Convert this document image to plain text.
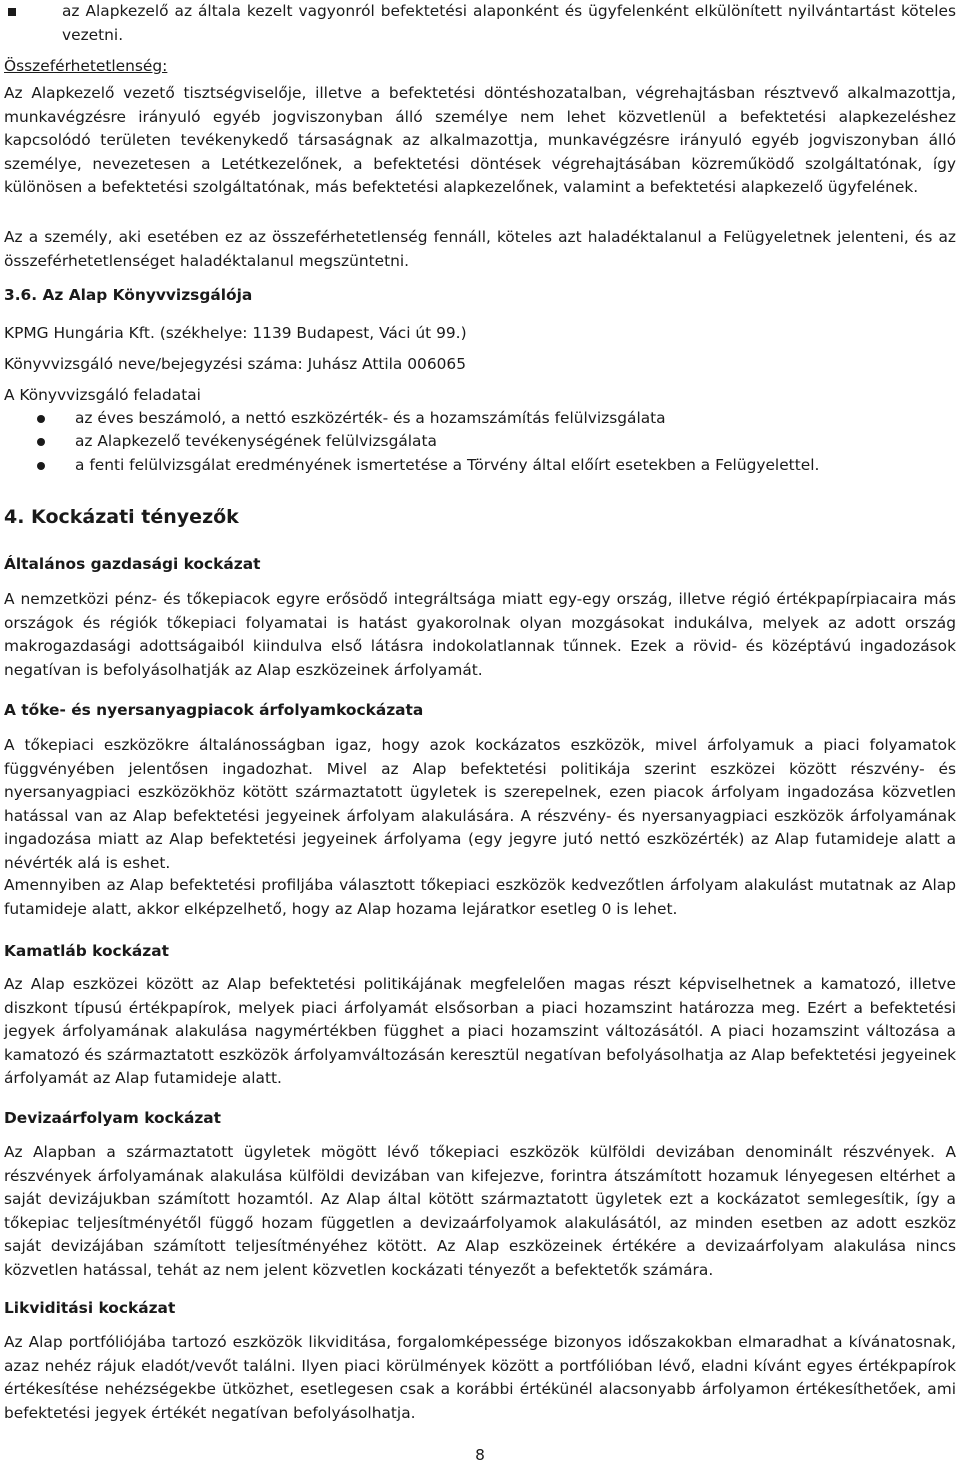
az Alapkezelő az általa kezelt vagyonról befektetési alaponként és ügyfelenként elkülönített nyilvántartást köteles vezetni.
Összeférhetetlenség:
Az Alapkezelő vezető tisztségviselője, illetve a befektetési döntéshozatalban, végrehajtásban résztvevő alkalmazottja, munkavégzésre irányuló egyéb jogviszonyban álló személye nem lehet közvetlenül a befektetési alapkezeléshez kapcsolódó területen tevékenykedő társaságnak az alkalmazottja, munkavégzésre irányuló egyéb jogviszonyban álló személye, nevezetesen a Letétkezelőnek, a befektetési döntések végrehajtásában közreműködő szolgáltatónak, így különösen a befektetési szolgáltatónak, más befektetési alapkezelőnek, valamint a befektetési alapkezelő ügyfelének.
Az a személy, aki esetében ez az összeférhetetlenség fennáll, köteles azt haladéktalanul a Felügyeletnek jelenteni, és az összeférhetetlenséget haladéktalanul megszüntetni.
3.6. Az Alap Könyvvizsgálója
KPMG Hungária Kft. (székhelye: 1139 Budapest, Váci út 99.)
Könyvvizsgáló neve/bejegyzési száma: Juhász Attila 006065
A Könyvvizsgáló feladatai
az éves beszámoló, a nettó eszközérték- és a hozamszámítás felülvizsgálata
az Alapkezelő tevékenységének felülvizsgálata
a fenti felülvizsgálat eredményének ismertetése a Törvény által előírt esetekben a Felügyelettel.
4. Kockázati tényezők
Általános gazdasági kockázat
A nemzetközi pénz- és tőkepiacok egyre erősödő integráltsága miatt egy-egy ország, illetve régió értékpapírpiacaira más országok és régiók tőkepiaci folyamatai is hatást gyakorolnak olyan mozgásokat indukálva, melyek az adott ország makrogazdasági adottságaiból kiindulva első látásra indokolatlannak tűnnek. Ezek a rövid- és középtávú ingadozások negatívan is befolyásolhatják az Alap eszközeinek árfolyamát.
A tőke- és nyersanyagpiacok árfolyamkockázata
A tőkepiaci eszközökre általánosságban igaz, hogy azok kockázatos eszközök, mivel árfolyamuk a piaci folyamatok függvényében jelentősen ingadozhat. Mivel az Alap befektetési politikája szerint eszközei között részvény- és nyersanyagpiaci eszközökhöz kötött származtatott ügyletek is szerepelnek, ezen piacok árfolyam ingadozása közvetlen hatással van az Alap befektetési jegyeinek árfolyam alakulására. A részvény- és nyersanyagpiaci eszközök árfolyamának ingadozása miatt az Alap befektetési jegyeinek árfolyama (egy jegyre jutó nettó eszközérték) az Alap futamideje alatt a névérték alá is eshet.
Amennyiben az Alap befektetési profiljába választott tőkepiaci eszközök kedvezőtlen árfolyam alakulást mutatnak az Alap futamideje alatt, akkor elképzelhető, hogy az Alap hozama lejáratkor esetleg 0 is lehet.
Kamatláb kockázat
Az Alap eszközei között az Alap befektetési politikájának megfelelően magas részt képviselhetnek a kamatozó, illetve diszkont típusú értékpapírok, melyek piaci árfolyamát elsősorban a piaci hozamszint határozza meg. Ezért a befektetési jegyek árfolyamának alakulása nagymértékben függhet a piaci hozamszint változásától. A piaci hozamszint változása a kamatozó és származtatott eszközök árfolyamváltozásán keresztül negatívan befolyásolhatja az Alap befektetési jegyeinek árfolyamát az Alap futamideje alatt.
Devizaárfolyam kockázat
Az Alapban a származtatott ügyletek mögött lévő tőkepiaci eszközök külföldi devizában denominált részvények. A részvények árfolyamának alakulása külföldi devizában van kifejezve, forintra átszámított hozamuk lényegesen eltérhet a saját devizájukban számított hozamtól. Az Alap által kötött származtatott ügyletek ezt a kockázatot semlegesítik, így a tőkepiac teljesítményétől függő hozam független a devizaárfolyamok alakulásától, az minden esetben az adott eszköz saját devizájában számított teljesítményéhez kötött. Az Alap eszközeinek értékére a devizaárfolyam alakulása nincs közvetlen hatással, tehát az nem jelent közvetlen kockázati tényezőt a befektetők számára.
Likviditási kockázat
Az Alap portfóliójába tartozó eszközök likviditása, forgalomképessége bizonyos időszakokban elmaradhat a kívánatosnak, azaz nehéz rájuk eladót/vevőt találni. Ilyen piaci körülmények között a portfólióban lévő, eladni kívánt egyes értékpapírok értékesítése nehézségekbe ütközhet, esetlegesen csak a korábbi értékünél alacsonyabb árfolyamon értékesíthetőek, ami befektetési jegyek értékét negatívan befolyásolhatja.
8
